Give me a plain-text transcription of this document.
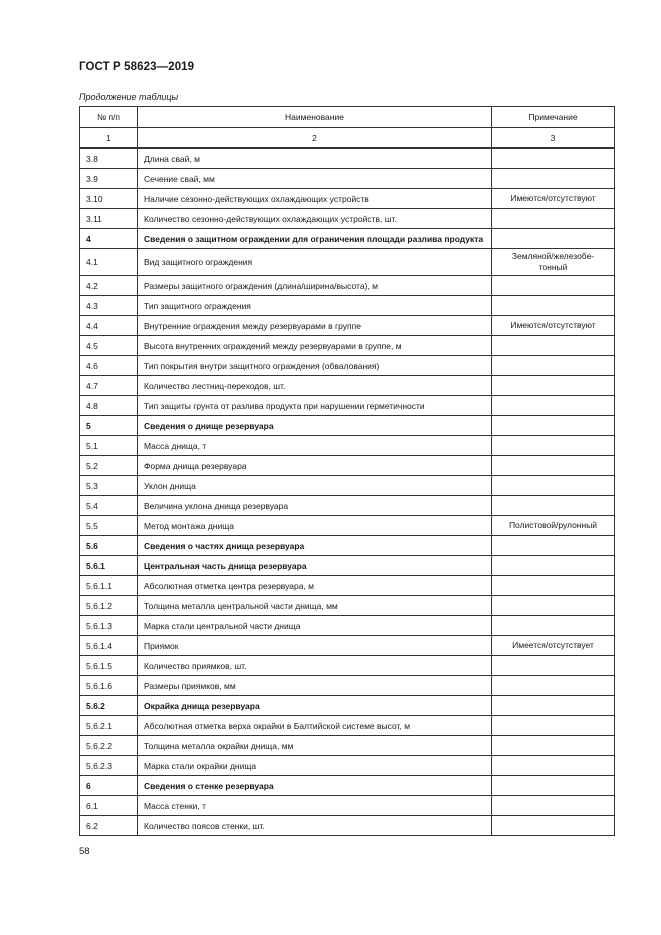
ГОСТ Р 58623—2019
Продолжение таблицы
№ п/п	Наименование	Примечание
1	2	3
3.8	Длина свай, м	
3.9	Сечение свай, мм	
3.10	Наличие сезонно-действующих охлаждающих устройств	Имеются/отсутствуют
3.11	Количество сезонно-действующих охлаждающих устройств, шт.	
4	Сведения о защитном ограждении для ограничения площади разлива продукта	
4.1	Вид защитного ограждения	Земляной/железобе-тонный
4.2	Размеры защитного ограждения (длина/ширина/высота), м	
4.3	Тип защитного ограждения	
4.4	Внутренние ограждения между резервуарами в группе	Имеются/отсутствуют
4.5	Высота внутренних ограждений между резервуарами в группе, м	
4.6	Тип покрытия внутри защитного ограждения (обвалования)	
4.7	Количество лестниц-переходов, шт.	
4.8	Тип защиты грунта от разлива продукта при нарушении герметичности	
5	Сведения о днище резервуара	
5.1	Масса днища, т	
5.2	Форма днища резервуара	
5.3	Уклон днища	
5.4	Величина уклона днища резервуара	
5.5	Метод монтажа днища	Полистовой/рулонный
5.6	Сведения о частях днища резервуара	
5.6.1	Центральная часть днища резервуара	
5.6.1.1	Абсолютная отметка центра резервуара, м	
5.6.1.2	Толщина металла центральной части днища, мм	
5.6.1.3	Марка стали центральной части днища	
5.6.1.4	Приямок	Имеется/отсутствует
5.6.1.5	Количество приямков, шт.	
5.6.1.6	Размеры приямков, мм	
5.6.2	Окрайка днища резервуара	
5.6.2.1	Абсолютная отметка верха окрайки в Балтийской системе высот, м	
5.6.2.2	Толщина металла окрайки днища, мм	
5.6.2.3	Марка стали окрайки днища	
6	Сведения о стенке резервуара	
6.1	Масса стенки, т	
6.2	Количество поясов стенки, шт.	
58
